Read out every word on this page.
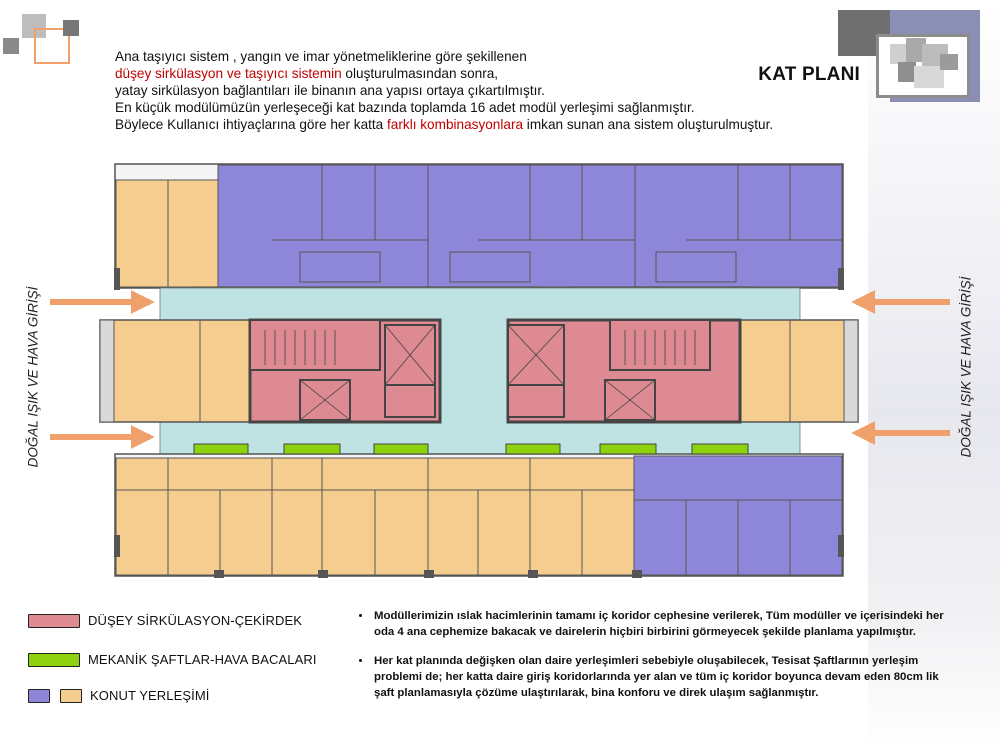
Ana taşıyıcı sistem , yangın ve imar yönetmeliklerine göre şekillenen

düşey sirkülasyon ve taşıyıcı sistemin oluşturulmasından sonra,

yatay sirkülasyon bağlantıları ile binanın ana yapısı ortaya çıkartılmıştır.

En küçük modülümüzün yerleşeceği kat bazında toplamda 16 adet modül yerleşimi sağlanmıştır.

Böylece Kullanıcı ihtiyaçlarına göre her katta farklı kombinasyonlara imkan sunan ana sistem oluşturulmuştur.

KAT PLANI
DOĞAL IŞIK VE HAVA GİRİŞİ	DOĞAL IŞIK VE HAVA GİRİŞİ
DÜŞEY SİRKÜLASYON-ÇEKİRDEK
MEKANİK ŞAFTLAR-HAVA BACALARI
KONUT YERLEŞİMİ
• Modüllerimizin ıslak hacimlerinin tamamı iç koridor cephesine verilerek, Tüm modüller ve içerisindeki her oda 4 ana cephemize bakacak ve dairelerin hiçbiri birbirini görmeyecek şekilde planlama yapılmıştır.
• Her kat planında değişken olan daire yerleşimleri sebebiyle oluşabilecek, Tesisat Şaftlarının yerleşim problemi de; her katta daire giriş koridorlarında yer alan ve tüm iç koridor boyunca devam eden 80cm lik şaft planlamasıyla çözüme ulaştırılarak, bina konforu ve direk ulaşım sağlanmıştır.
